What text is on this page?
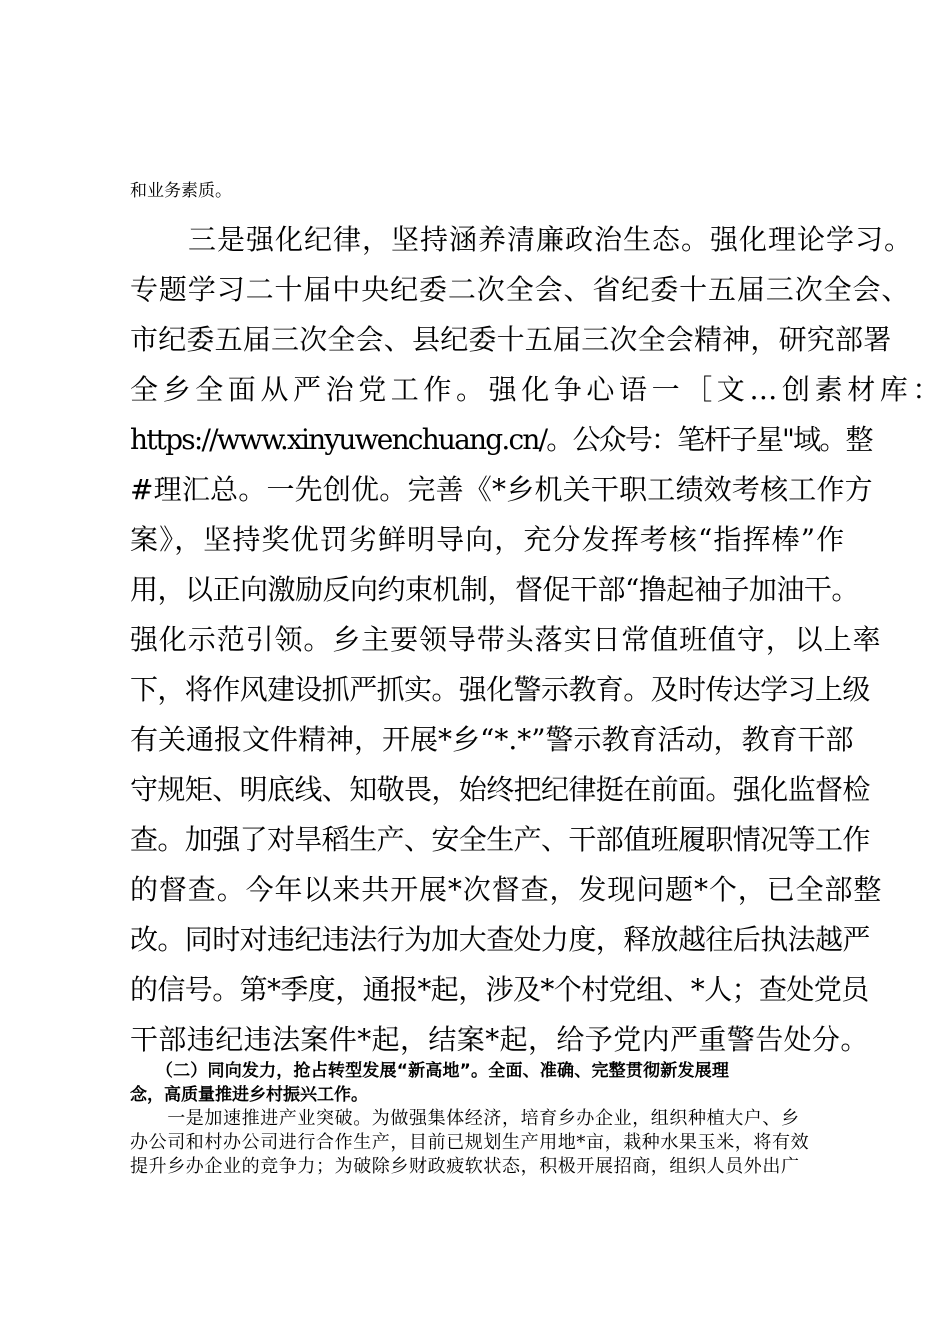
和业务素质。
　　三是强化纪律，坚持涵养清廉政治生态。强化理论学习。
专题学习二十届中央纪委二次全会、省纪委十五届三次全会、
市纪委五届三次全会、县纪委十五届三次全会精神，研究部署
全乡全面从严治党工作。强化争心语一［文…创素材库：
https://www.xinyuwenchuang.cn/。公众号：笔杆子星"域。整
#理汇总。一先创优。完善《*乡机关干职工绩效考核工作方
案》，坚持奖优罚劣鲜明导向，充分发挥考核“指挥棒”作
用，以正向激励反向约束机制，督促干部“撸起袖子加油干。
强化示范引领。乡主要领导带头落实日常值班值守，以上率
下，将作风建设抓严抓实。强化警示教育。及时传达学习上级
有关通报文件精神，开展*乡“*.*”警示教育活动，教育干部
守规矩、明底线、知敬畏，始终把纪律挺在前面。强化监督检
查。加强了对旱稻生产、安全生产、干部值班履职情况等工作
的督查。今年以来共开展*次督查，发现问题*个，已全部整
改。同时对违纪违法行为加大查处力度，释放越往后执法越严
的信号。第*季度，通报*起，涉及*个村党组、*人；查处党员
干部违纪违法案件*起，结案*起，给予党内严重警告处分。
　　（二）同向发力，抢占转型发展“新高地”。全面、准确、完整贯彻新发展理
念，高质量推进乡村振兴工作。
　　一是加速推进产业突破。为做强集体经济，培育乡办企业，组织种植大户、乡
办公司和村办公司进行合作生产，目前已规划生产用地*亩，栽种水果玉米，将有效
提升乡办企业的竞争力；为破除乡财政疲软状态，积极开展招商，组织人员外出广
